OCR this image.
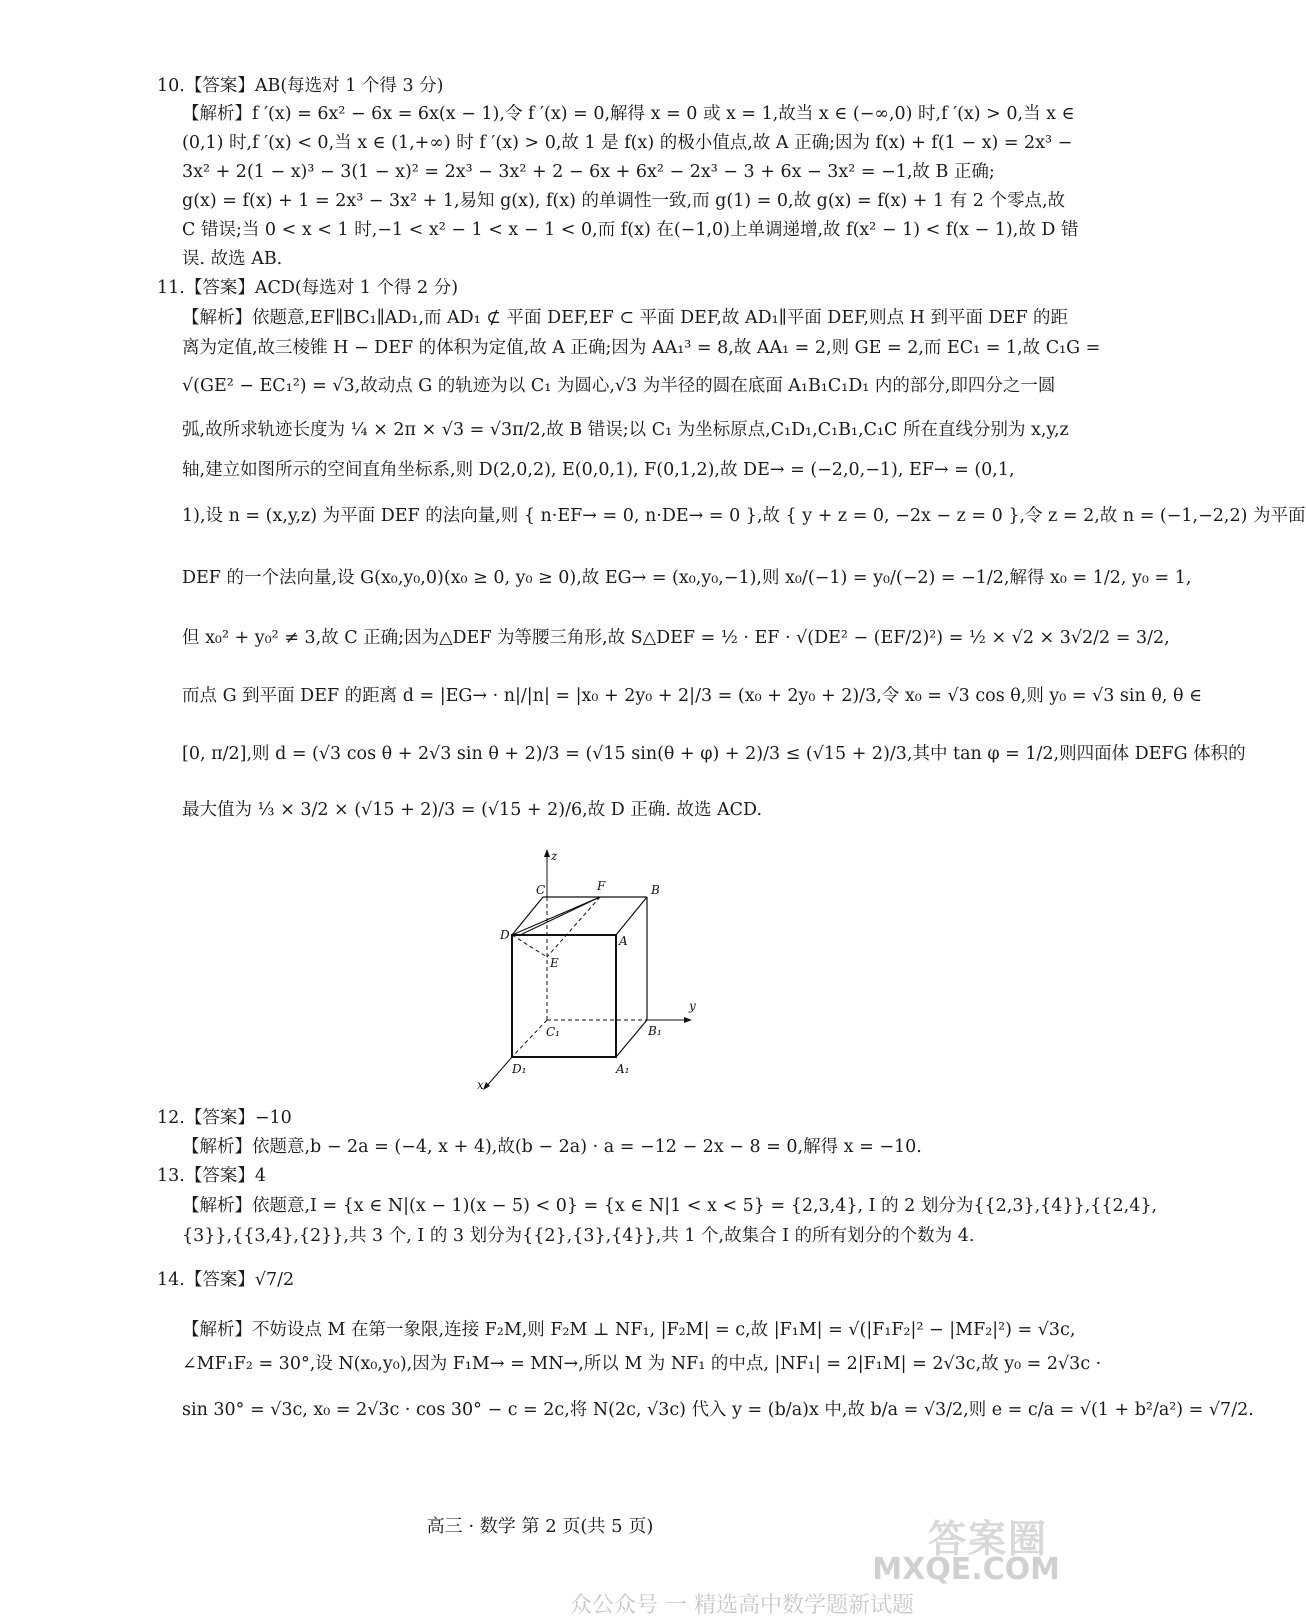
10.【答案】AB(每选对 1 个得 3 分)
【解析】f ′(x) = 6x² − 6x = 6x(x − 1),令 f ′(x) = 0,解得 x = 0 或 x = 1,故当 x ∈ (−∞,0) 时,f ′(x) > 0,当 x ∈
(0,1) 时,f ′(x) < 0,当 x ∈ (1,+∞) 时 f ′(x) > 0,故 1 是 f(x) 的极小值点,故 A 正确;因为 f(x) + f(1 − x) = 2x³ −
3x² + 2(1 − x)³ − 3(1 − x)² = 2x³ − 3x² + 2 − 6x + 6x² − 2x³ − 3 + 6x − 3x² = −1,故 B 正确;
g(x) = f(x) + 1 = 2x³ − 3x² + 1,易知 g(x), f(x) 的单调性一致,而 g(1) = 0,故 g(x) = f(x) + 1 有 2 个零点,故
C 错误;当 0 < x < 1 时,−1 < x² − 1 < x − 1 < 0,而 f(x) 在(−1,0)上单调递增,故 f(x² − 1) < f(x − 1),故 D 错
误. 故选 AB.
11.【答案】ACD(每选对 1 个得 2 分)
【解析】依题意,EF∥BC₁∥AD₁,而 AD₁ ⊄ 平面 DEF,EF ⊂ 平面 DEF,故 AD₁∥平面 DEF,则点 H 到平面 DEF 的距
离为定值,故三棱锥 H − DEF 的体积为定值,故 A 正确;因为 AA₁³ = 8,故 AA₁ = 2,则 GE = 2,而 EC₁ = 1,故 C₁G =
√(GE² − EC₁²) = √3,故动点 G 的轨迹为以 C₁ 为圆心,√3 为半径的圆在底面 A₁B₁C₁D₁ 内的部分,即四分之一圆
弧,故所求轨迹长度为 ¼ × 2π × √3 = √3π/2,故 B 错误;以 C₁ 为坐标原点,C₁D₁,C₁B₁,C₁C 所在直线分别为 x,y,z
轴,建立如图所示的空间直角坐标系,则 D(2,0,2), E(0,0,1), F(0,1,2),故 DE→ = (−2,0,−1), EF→ = (0,1,
1),设 n = (x,y,z) 为平面 DEF 的法向量,则 { n·EF→ = 0, n·DE→ = 0 },故 { y + z = 0, −2x − z = 0 },令 z = 2,故 n = (−1,−2,2) 为平面
DEF 的一个法向量,设 G(x₀,y₀,0)(x₀ ≥ 0, y₀ ≥ 0),故 EG→ = (x₀,y₀,−1),则 x₀/(−1) = y₀/(−2) = −1/2,解得 x₀ = 1/2, y₀ = 1,
但 x₀² + y₀² ≠ 3,故 C 正确;因为△DEF 为等腰三角形,故 S△DEF = ½ · EF · √(DE² − (EF/2)²) = ½ × √2 × 3√2/2 = 3/2,
而点 G 到平面 DEF 的距离 d = |EG→ · n|/|n| = |x₀ + 2y₀ + 2|/3 = (x₀ + 2y₀ + 2)/3,令 x₀ = √3 cos θ,则 y₀ = √3 sin θ, θ ∈
[0, π/2],则 d = (√3 cos θ + 2√3 sin θ + 2)/3 = (√15 sin(θ + φ) + 2)/3 ≤ (√15 + 2)/3,其中 tan φ = 1/2,则四面体 DEFG 体积的
最大值为 ⅓ × 3/2 × (√15 + 2)/3 = (√15 + 2)/6,故 D 正确. 故选 ACD.
z
C	F	B
D	A
E
y
C₁	B₁
D₁	A₁
x
12.【答案】−10
【解析】依题意,b − 2a = (−4, x + 4),故(b − 2a) · a = −12 − 2x − 8 = 0,解得 x = −10.
13.【答案】4
【解析】依题意,I = {x ∈ N|(x − 1)(x − 5) < 0} = {x ∈ N|1 < x < 5} = {2,3,4}, I 的 2 划分为{{2,3},{4}},{{2,4},
{3}},{{3,4},{2}},共 3 个, I 的 3 划分为{{2},{3},{4}},共 1 个,故集合 I 的所有划分的个数为 4.
14.【答案】√7/2
【解析】不妨设点 M 在第一象限,连接 F₂M,则 F₂M ⊥ NF₁, |F₂M| = c,故 |F₁M| = √(|F₁F₂|² − |MF₂|²) = √3c,
∠MF₁F₂ = 30°,设 N(x₀,y₀),因为 F₁M→ = MN→,所以 M 为 NF₁ 的中点, |NF₁| = 2|F₁M| = 2√3c,故 y₀ = 2√3c ·
sin 30° = √3c, x₀ = 2√3c · cos 30° − c = 2c,将 N(2c, √3c) 代入 y = (b/a)x 中,故 b/a = √3/2,则 e = c/a = √(1 + b²/a²) = √7/2.
高三 · 数学 第 2 页(共 5 页)	答案圈
MXQE.COM
众公众号 一 精选高中数学题新试题
